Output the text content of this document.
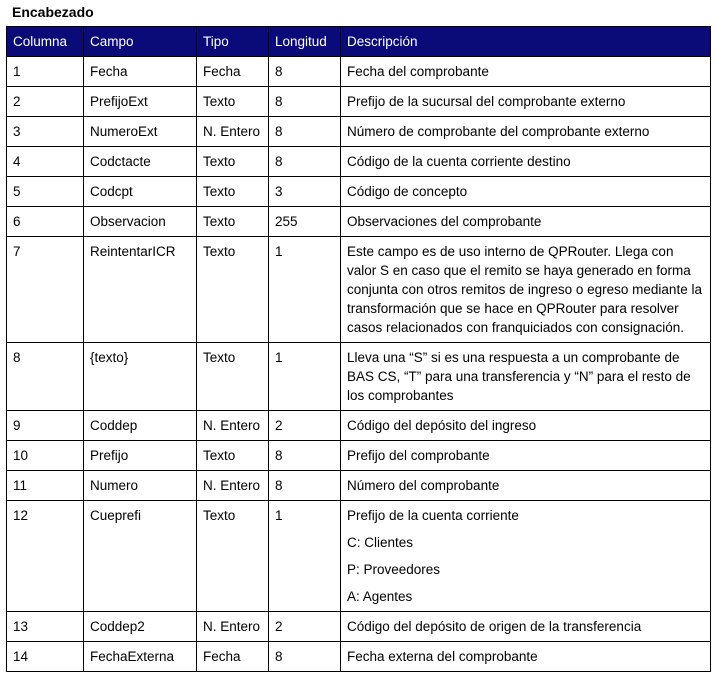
Encabezado
Columna	Campo	Tipo	Longitud	Descripción
1	Fecha	Fecha	8	Fecha del comprobante
2	PrefijoExt	Texto	8	Prefijo de la sucursal del comprobante externo
3	NumeroExt	N. Entero	8	Número de comprobante del comprobante externo
4	Codctacte	Texto	8	Código de la cuenta corriente destino
5	Codcpt	Texto	3	Código de concepto
6	Observacion	Texto	255	Observaciones del comprobante
7	ReintentarICR	Texto	1	Este campo es de uso interno de QPRouter. Llega con valor S en caso que el remito se haya generado en forma conjunta con otros remitos de ingreso o egreso mediante la transformación que se hace en QPRouter para resolver casos relacionados con franquiciados con consignación.
8	{texto}	Texto	1	Lleva una “S” si es una respuesta a un comprobante de BAS CS, “T” para una transferencia y “N” para el resto de los comprobantes
9	Coddep	N. Entero	2	Código del depósito del ingreso
10	Prefijo	Texto	8	Prefijo del comprobante
11	Numero	N. Entero	8	Número del comprobante
12	Cueprefi	Texto	1	Prefijo de la cuenta corriente

C: Clientes

P: Proveedores

A: Agentes

13	Coddep2	N. Entero	2	Código del depósito de origen de la transferencia
14	FechaExterna	Fecha	8	Fecha externa del comprobante
